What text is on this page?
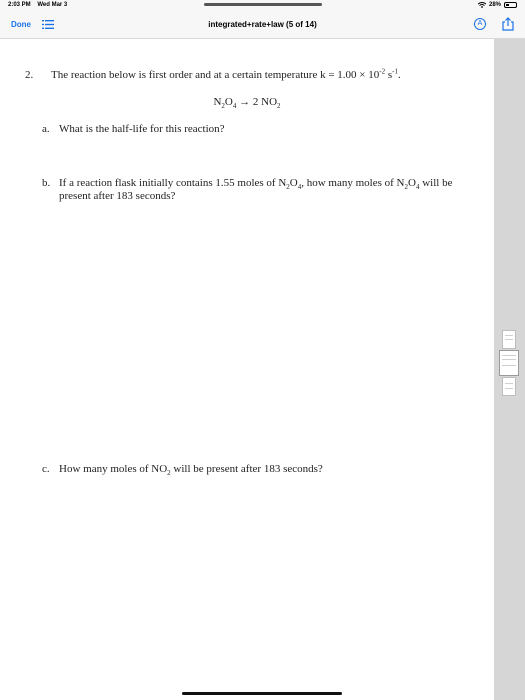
2:03 PM Wed Mar 3	28%
Done	integrated+rate+law (5 of 14)	A
2. The reaction below is first order and at a certain temperature $k = 1.00 \times 10^{-2}$ $s^{-1}$.
$N_2O_4 \to 2$ $NO_2$
a. What is the half-life for this reaction?
b. If a reaction flask initially contains 1.55 moles of $N_2O_4$, how many moles of $N_2O_4$ will be present after 183 seconds?
c. How many moles of $NO_2$ will be present after 183 seconds?
